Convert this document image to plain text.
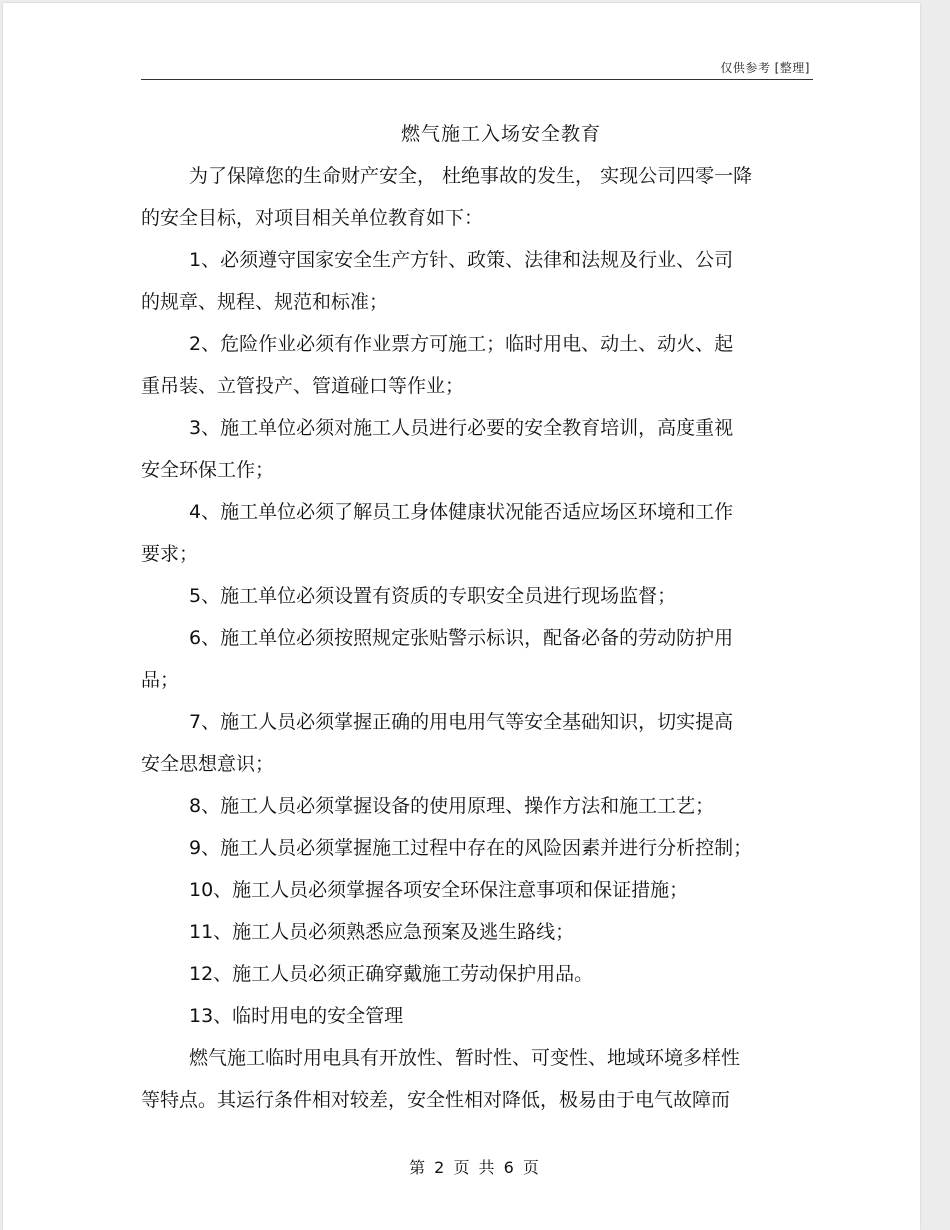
仅供参考 [整理]
燃气施工入场安全教育

为了保障您的生命财产安全， 杜绝事故的发生， 实现公司四零一降
的安全目标，对项目相关单位教育如下：

1、必须遵守国家安全生产方针、政策、法律和法规及行业、公司
的规章、规程、规范和标准；

2、危险作业必须有作业票方可施工；临时用电、动土、动火、起
重吊装、立管投产、管道碰口等作业；

3、施工单位必须对施工人员进行必要的安全教育培训，高度重视
安全环保工作；

4、施工单位必须了解员工身体健康状况能否适应场区环境和工作
要求；

5、施工单位必须设置有资质的专职安全员进行现场监督；

6、施工单位必须按照规定张贴警示标识，配备必备的劳动防护用
品；

7、施工人员必须掌握正确的用电用气等安全基础知识，切实提高
安全思想意识；

8、施工人员必须掌握设备的使用原理、操作方法和施工工艺；

9、施工人员必须掌握施工过程中存在的风险因素并进行分析控制；

10、施工人员必须掌握各项安全环保注意事项和保证措施；

11、施工人员必须熟悉应急预案及逃生路线；

12、施工人员必须正确穿戴施工劳动保护用品。

13、临时用电的安全管理

燃气施工临时用电具有开放性、暂时性、可变性、地域环境多样性
等特点。其运行条件相对较差，安全性相对降低，极易由于电气故障而

第 2 页 共 6 页
